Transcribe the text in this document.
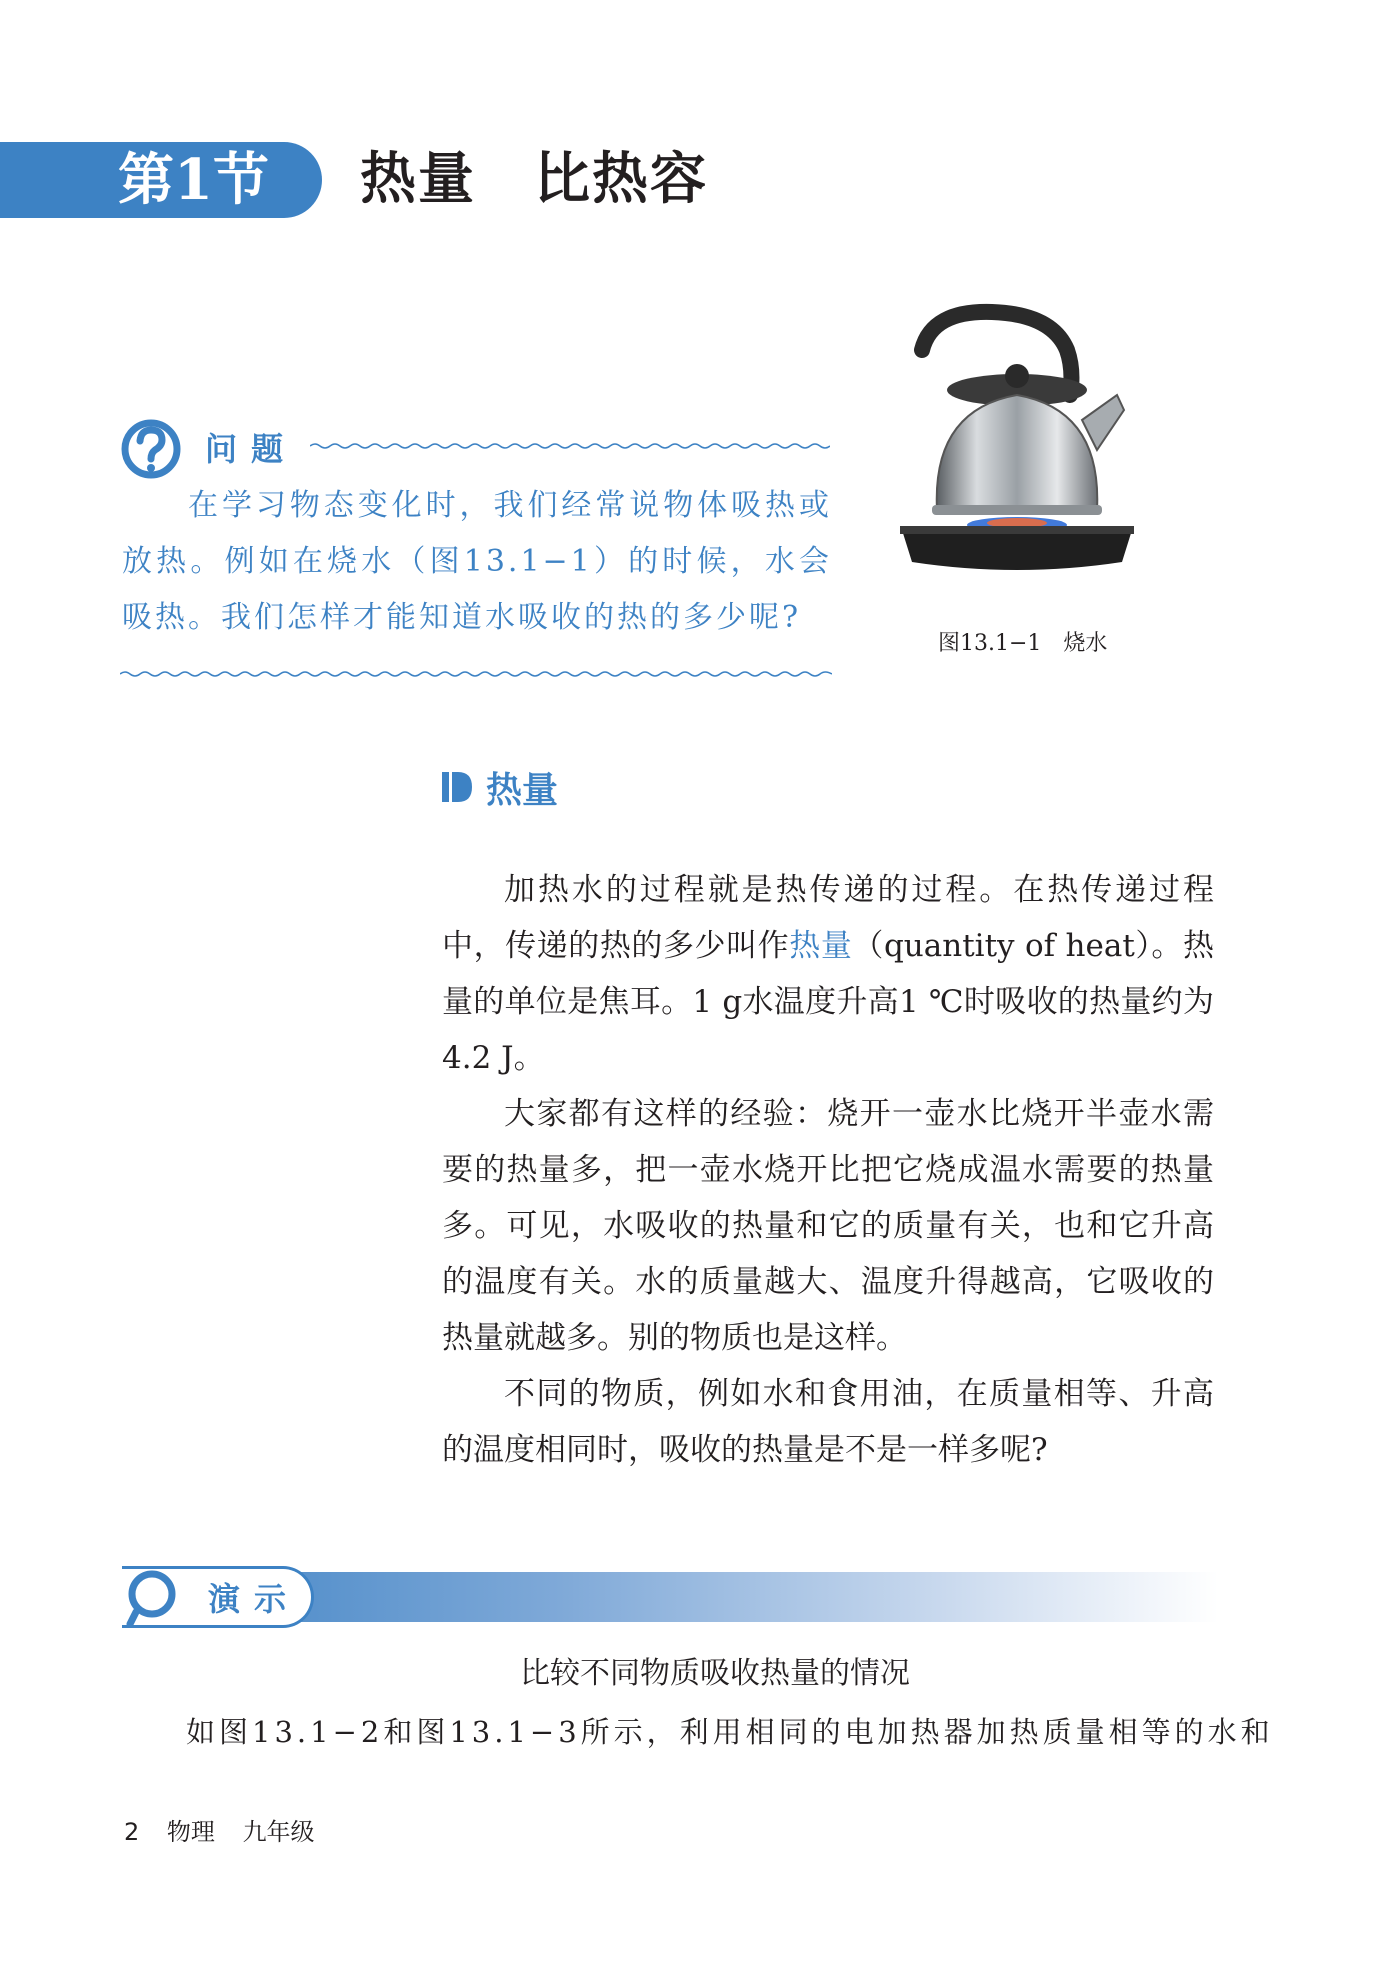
第1节 热量　比热容
问题
在学习物态变化时，我们经常说物体吸热或放热。例如在烧水（图13.1−1）的时候，水会吸热。我们怎样才能知道水吸收的热的多少呢?
图13.1−1　烧水
热量

加热水的过程就是热传递的过程。在热传递过程中，传递的热的多少叫作热量（quantity of heat）。热量的单位是焦耳。1 g水温度升高1 ℃时吸收的热量约为4.2 J。

大家都有这样的经验：烧开一壶水比烧开半壶水需要的热量多，把一壶水烧开比把它烧成温水需要的热量多。可见，水吸收的热量和它的质量有关，也和它升高的温度有关。水的质量越大、温度升得越高，它吸收的热量就越多。别的物质也是这样。

不同的物质，例如水和食用油，在质量相等、升高的温度相同时，吸收的热量是不是一样多呢?

演示
比较不同物质吸收热量的情况
如图13.1−2和图13.1−3所示，利用相同的电加热器加热质量相等的水和
2 物理 九年级
